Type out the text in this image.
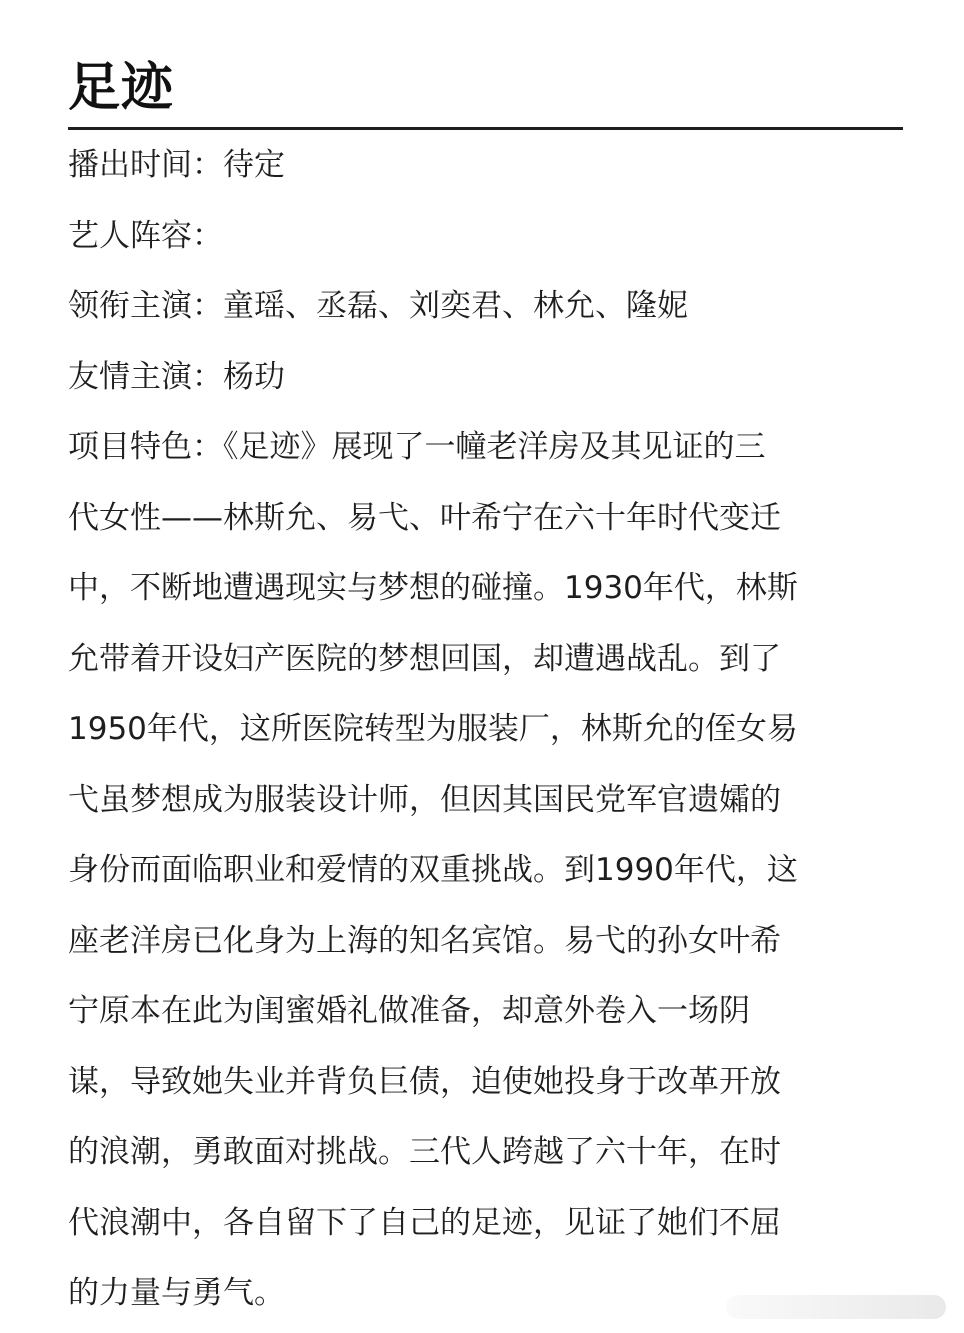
足迹

播出时间：待定

艺人阵容：

领衔主演：童瑶、丞磊、刘奕君、林允、隆妮

友情主演：杨玏

项目特色：《足迹》展现了一幢老洋房及其见证的三
代女性——林斯允、易弋、叶希宁在六十年时代变迁
中，不断地遭遇现实与梦想的碰撞。1930年代，林斯
允带着开设妇产医院的梦想回国，却遭遇战乱。到了
1950年代，这所医院转型为服装厂，林斯允的侄女易
弋虽梦想成为服装设计师，但因其国民党军官遗孀的
身份而面临职业和爱情的双重挑战。到1990年代，这
座老洋房已化身为上海的知名宾馆。易弋的孙女叶希
宁原本在此为闺蜜婚礼做准备，却意外卷入一场阴
谋，导致她失业并背负巨债，迫使她投身于改革开放
的浪潮，勇敢面对挑战。三代人跨越了六十年，在时
代浪潮中，各自留下了自己的足迹，见证了她们不屈
的力量与勇气。
